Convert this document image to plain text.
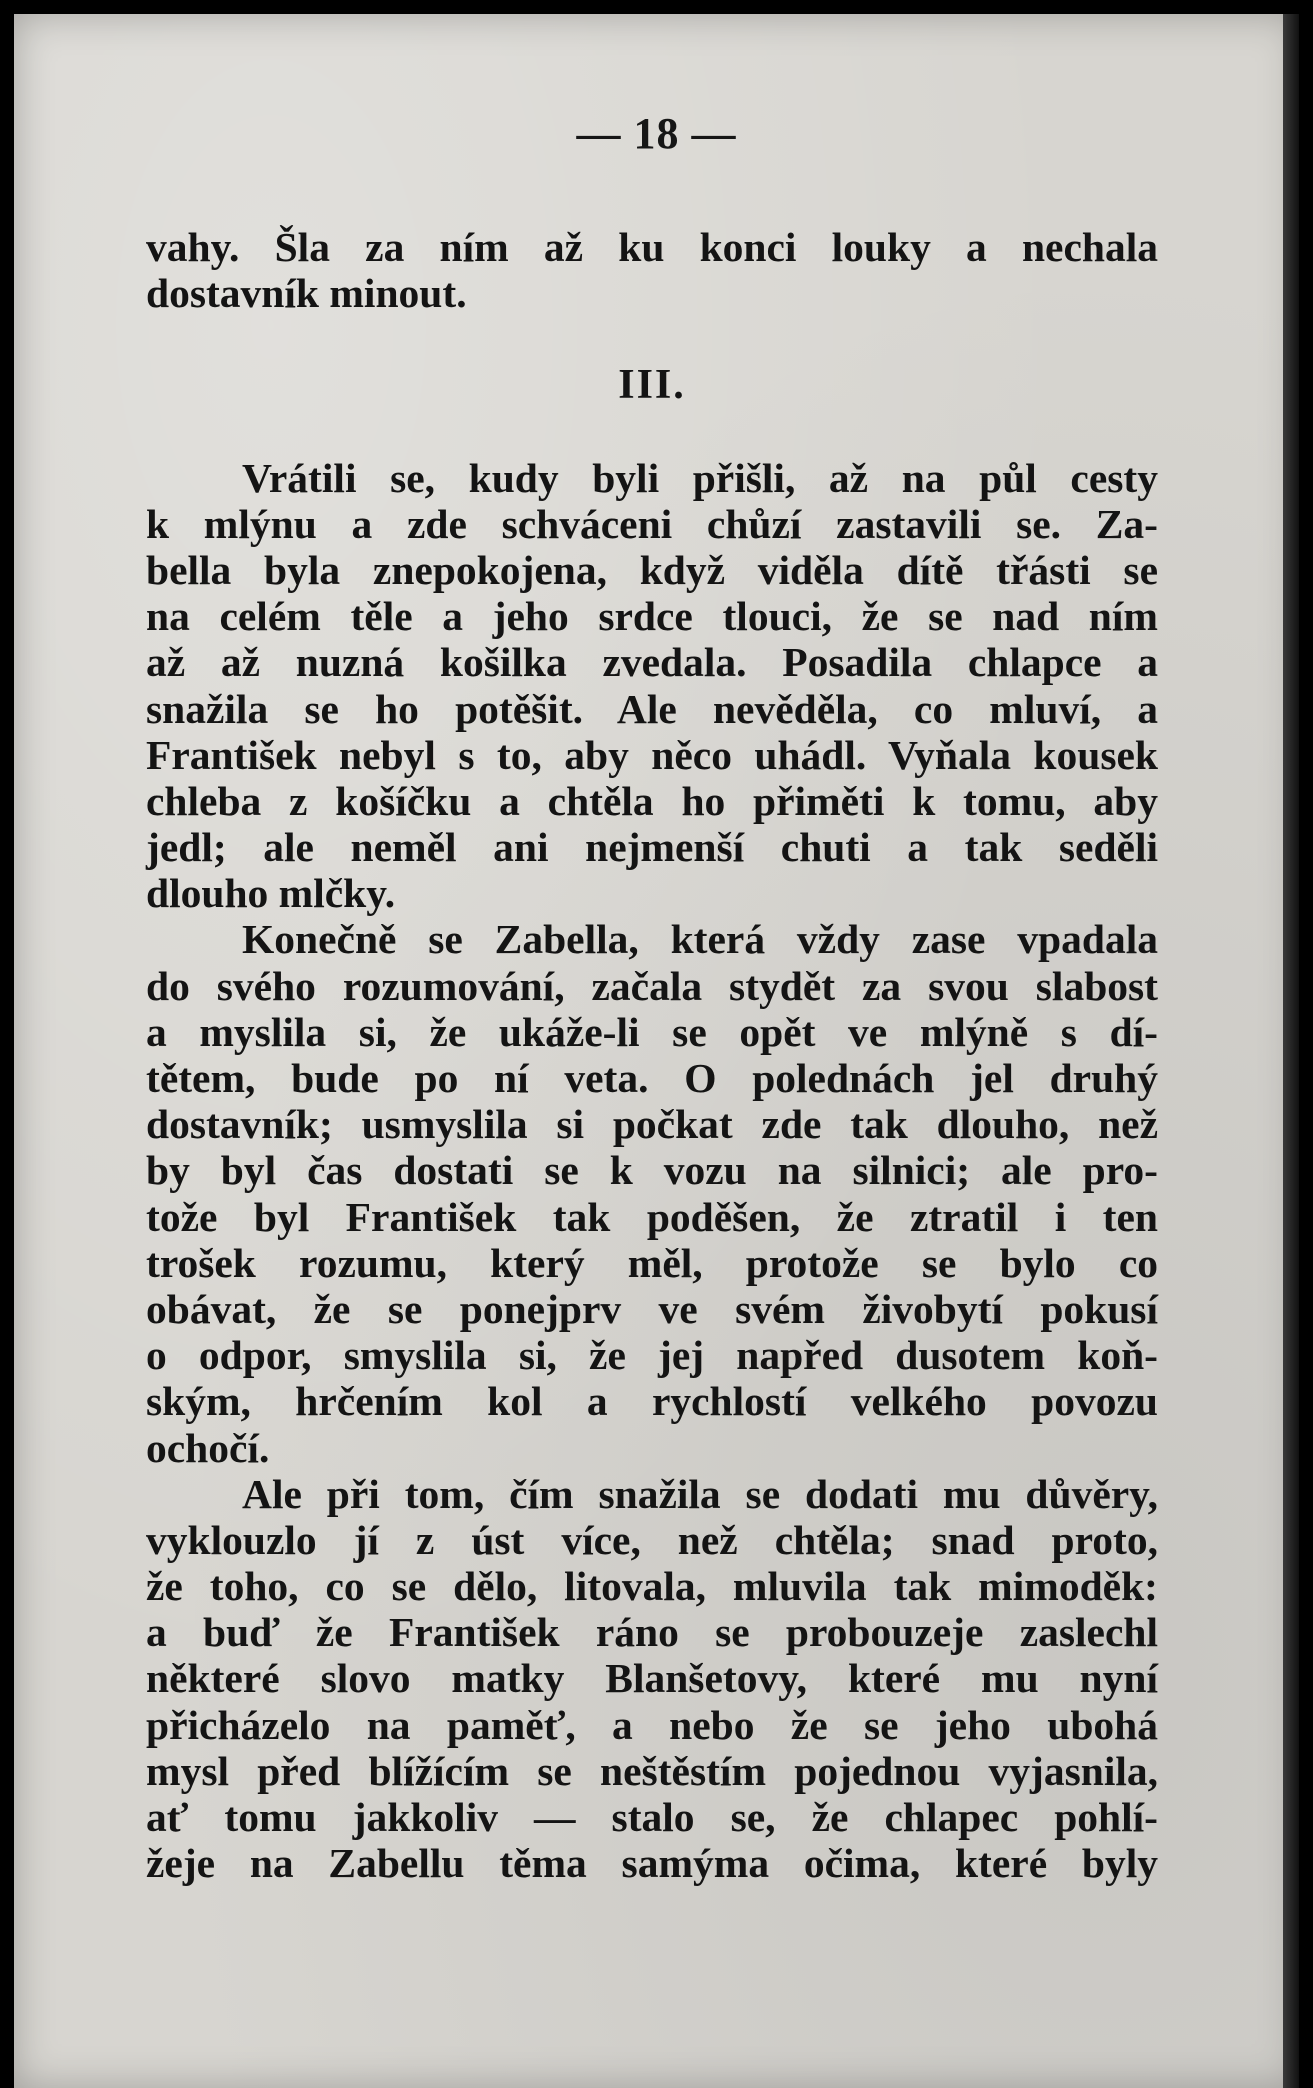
— 18 —
vahy. Šla za ním až ku konci louky a nechala
dostavník minout.
III.
Vrátili se, kudy byli přišli, až na půl cesty
k mlýnu a zde schváceni chůzí zastavili se. Za-
bella byla znepokojena, když viděla dítě třásti se
na celém těle a jeho srdce tlouci, že se nad ním
až až nuzná košilka zvedala. Posadila chlapce a
snažila se ho potěšit. Ale nevěděla, co mluví, a
František nebyl s to, aby něco uhádl. Vyňala kousek
chleba z košíčku a chtěla ho přiměti k tomu, aby
jedl; ale neměl ani nejmenší chuti a tak seděli
dlouho mlčky.
Konečně se Zabella, která vždy zase vpadala
do svého rozumování, začala stydět za svou slabost
a myslila si, že ukáže-li se opět ve mlýně s dí-
tětem, bude po ní veta. O polednách jel druhý
dostavník; usmyslila si počkat zde tak dlouho, než
by byl čas dostati se k vozu na silnici; ale pro-
tože byl František tak poděšen, že ztratil i ten
trošek rozumu, který měl, protože se bylo co
obávat, že se ponejprv ve svém živobytí pokusí
o odpor, smyslila si, že jej napřed dusotem koň-
ským, hrčením kol a rychlostí velkého povozu
ochočí.
Ale při tom, čím snažila se dodati mu důvěry,
vyklouzlo jí z úst více, než chtěla; snad proto,
že toho, co se dělo, litovala, mluvila tak mimoděk:
a buď že František ráno se probouzeje zaslechl
některé slovo matky Blanšetovy, které mu nyní
přicházelo na paměť, a nebo že se jeho ubohá
mysl před blížícím se neštěstím pojednou vyjasnila,
ať tomu jakkoliv — stalo se, že chlapec pohlí-
žeje na Zabellu těma samýma očima, které byly
